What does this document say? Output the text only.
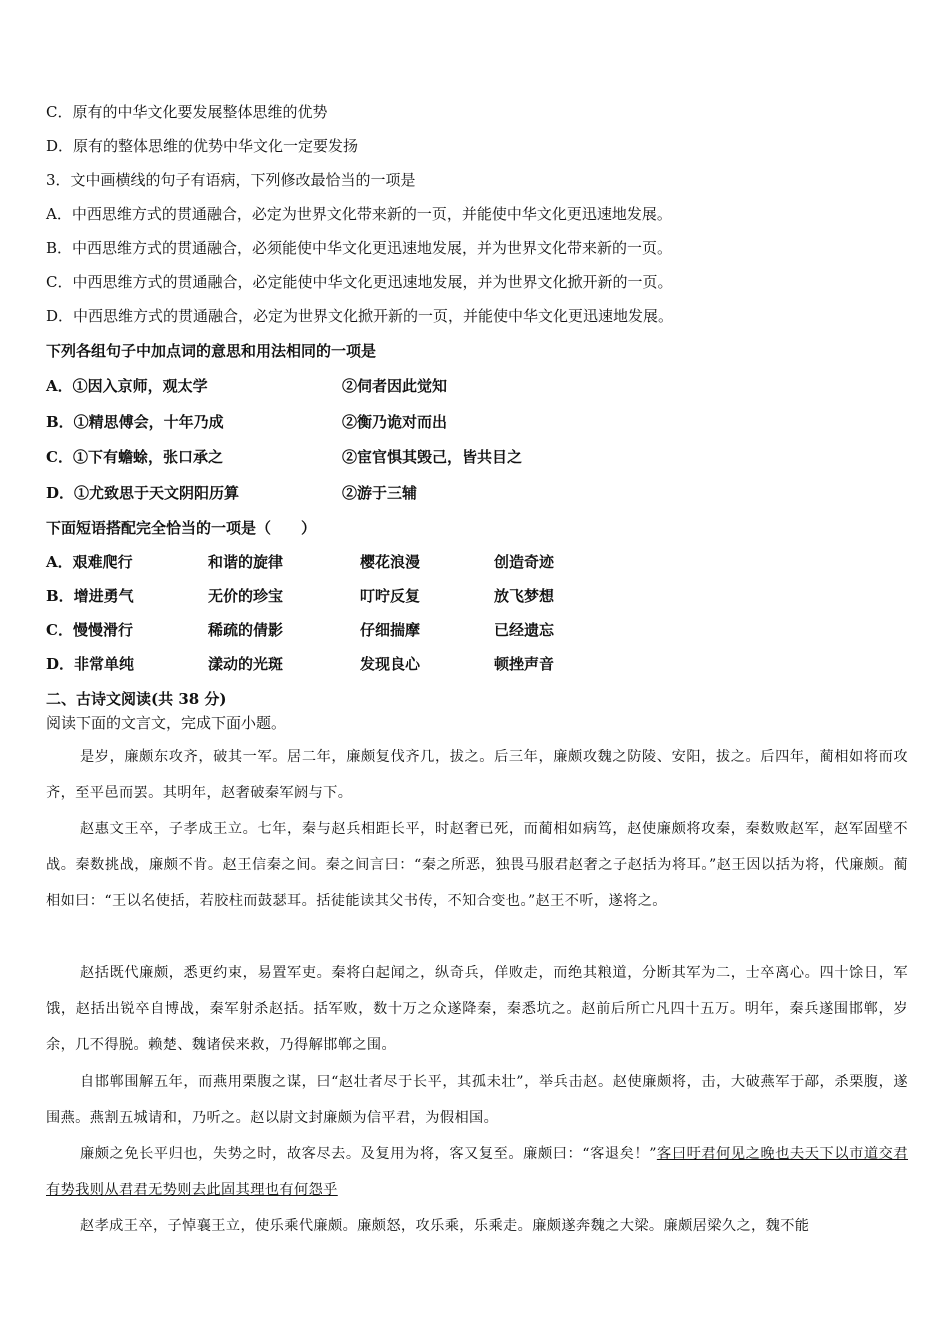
C．原有的中华文化要发展整体思维的优势
D．原有的整体思维的优势中华文化一定要发扬
3．文中画横线的句子有语病，下列修改最恰当的一项是
A．中西思维方式的贯通融合，必定为世界文化带来新的一页，并能使中华文化更迅速地发展。
B．中西思维方式的贯通融合，必须能使中华文化更迅速地发展，并为世界文化带来新的一页。
C．中西思维方式的贯通融合，必定能使中华文化更迅速地发展，并为世界文化掀开新的一页。
D．中西思维方式的贯通融合，必定为世界文化掀开新的一页，并能使中华文化更迅速地发展。
下列各组句子中加点词的意思和用法相同的一项是
A．①因入京师，观太学	②伺者因此觉知
B．①精思傅会，十年乃成	②衡乃诡对而出
C．①下有蟾蜍，张口承之	②宦官惧其毁己，皆共目之
D．①尤致思于天文阴阳历算	②游于三辅
下面短语搭配完全恰当的一项是（　　）
A．艰难爬行	和谐的旋律	樱花浪漫	创造奇迹
B．增进勇气	无价的珍宝	叮咛反复	放飞梦想
C．慢慢滑行	稀疏的倩影	仔细揣摩	已经遗忘
D．非常单纯	漾动的光斑	发现良心	顿挫声音
二、古诗文阅读(共 38 分)
阅读下面的文言文，完成下面小题。

是岁，廉颇东攻齐，破其一军。居二年，廉颇复伐齐几，拔之。后三年，廉颇攻魏之防陵、安阳，拔之。后四年，蔺相如将而攻齐，至平邑而罢。其明年，赵奢破秦军阏与下。

赵惠文王卒，子孝成王立。七年，秦与赵兵相距长平，时赵奢已死，而蔺相如病笃，赵使廉颇将攻秦，秦数败赵军，赵军固壁不战。秦数挑战，廉颇不肯。赵王信秦之间。秦之间言曰：“秦之所恶，独畏马服君赵奢之子赵括为将耳。”赵王因以括为将，代廉颇。蔺相如曰：“王以名使括，若胶柱而鼓瑟耳。括徒能读其父书传，不知合变也。”赵王不听，遂将之。

赵括既代廉颇，悉更约束，易置军吏。秦将白起闻之，纵奇兵，佯败走，而绝其粮道，分断其军为二，士卒离心。四十馀日，军饿，赵括出锐卒自博战，秦军射杀赵括。括军败，数十万之众遂降秦，秦悉坑之。赵前后所亡凡四十五万。明年，秦兵遂围邯郸，岁余，几不得脱。赖楚、魏诸侯来救，乃得解邯郸之围。

自邯郸围解五年，而燕用栗腹之谋，曰“赵壮者尽于长平，其孤未壮”，举兵击赵。赵使廉颇将，击，大破燕军于鄗，杀栗腹，遂围燕。燕割五城请和，乃听之。赵以尉文封廉颇为信平君，为假相国。

廉颇之免长平归也，失势之时，故客尽去。及复用为将，客又复至。廉颇曰：“客退矣！”客曰吁君何见之晚也夫天下以市道交君有势我则从君君无势则去此固其理也有何怨乎

赵孝成王卒，子悼襄王立，使乐乘代廉颇。廉颇怒，攻乐乘，乐乘走。廉颇遂奔魏之大梁。廉颇居梁久之，魏不能
